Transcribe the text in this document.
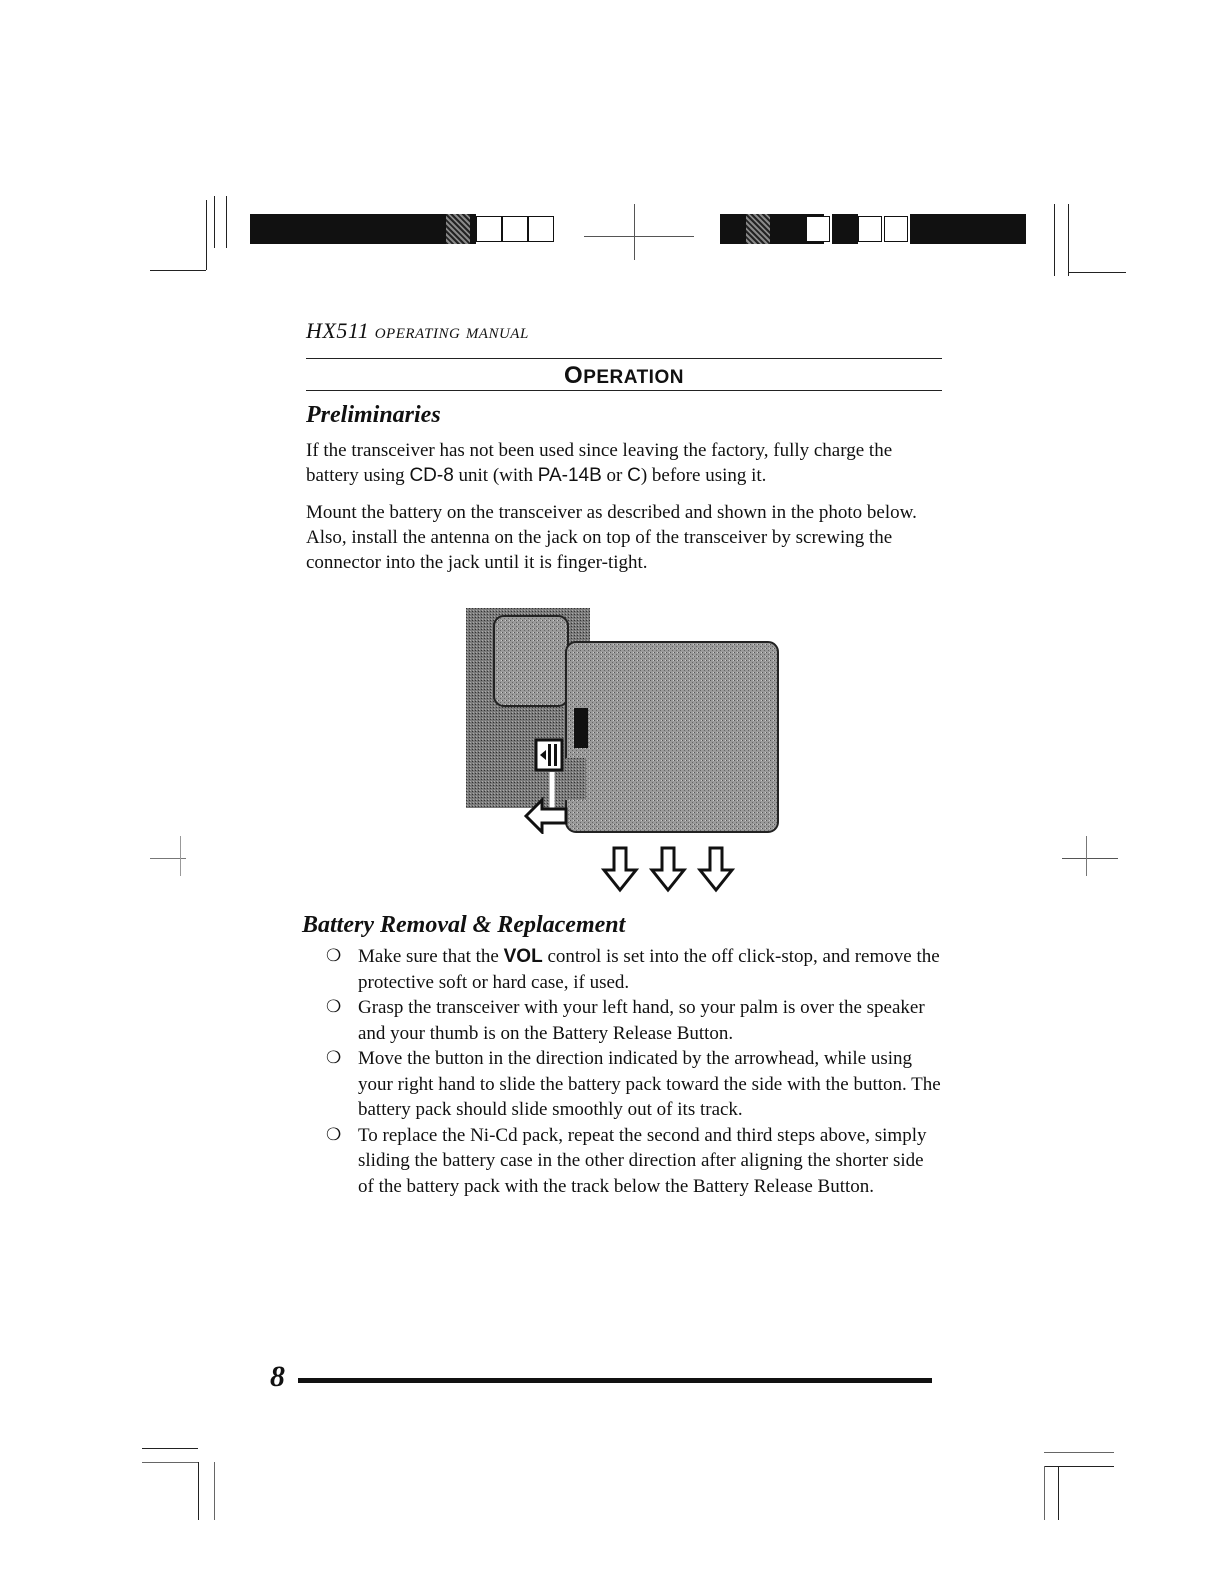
HX511 OPERATING MANUAL
OPERATION
Preliminaries

If the transceiver has not been used since leaving the factory, fully charge the battery using CD-8 unit (with PA-14B or C) before using it.

Mount the battery on the transceiver as described and shown in the photo below. Also, install the antenna on the jack on top of the transceiver by screwing the connector into the jack until it is finger-tight.

Battery Removal & Replacement
❍ Make sure that the VOL control is set into the off click-stop, and remove the protective soft or hard case, if used.
❍ Grasp the transceiver with your left hand, so your palm is over the speaker and your thumb is on the Battery Release Button.
❍ Move the button in the direction indicated by the arrowhead, while using your right hand to slide the battery pack toward the side with the button. The battery pack should slide smoothly out of its track.
❍ To replace the Ni-Cd pack, repeat the second and third steps above, simply sliding the battery case in the other direction after aligning the shorter side of the battery pack with the track below the Battery Release Button.
8
